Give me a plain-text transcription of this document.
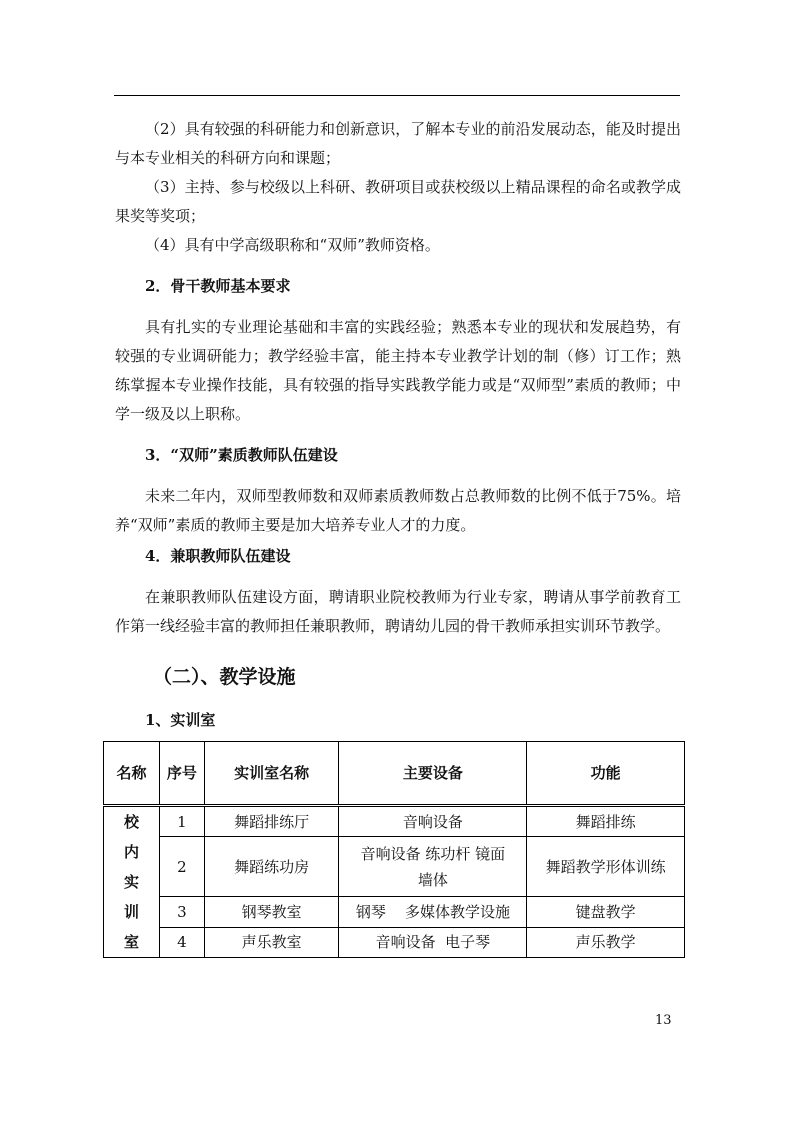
（2）具有较强的科研能力和创新意识，了解本专业的前沿发展动态，能及时提出与本专业相关的科研方向和课题；

（3）主持、参与校级以上科研、教研项目或获校级以上精品课程的命名或教学成果奖等奖项；

（4）具有中学高级职称和“双师”教师资格。

2．骨干教师基本要求

具有扎实的专业理论基础和丰富的实践经验；熟悉本专业的现状和发展趋势，有较强的专业调研能力；教学经验丰富，能主持本专业教学计划的制（修）订工作；熟练掌握本专业操作技能，具有较强的指导实践教学能力或是“双师型”素质的教师；中学一级及以上职称。

3．“双师”素质教师队伍建设

未来二年内，双师型教师数和双师素质教师数占总教师数的比例不低于75%。培养“双师”素质的教师主要是加大培养专业人才的力度。

4．兼职教师队伍建设

在兼职教师队伍建设方面，聘请职业院校教师为行业专家，聘请从事学前教育工作第一线经验丰富的教师担任兼职教师，聘请幼儿园的骨干教师承担实训环节教学。

（二）、教学设施
1、实训室
名称	序号	实训室名称	主要设备	功能

校
内
实
训
室	1	舞蹈排练厅	音响设备	舞蹈排练
	2	舞蹈练功房	音响设备 练功杆 镜面墙体	舞蹈教学形体训练
	3	钢琴教室	钢琴    多媒体教学设施	键盘教学
	4	声乐教室	音响设备  电子琴	声乐教学
13
